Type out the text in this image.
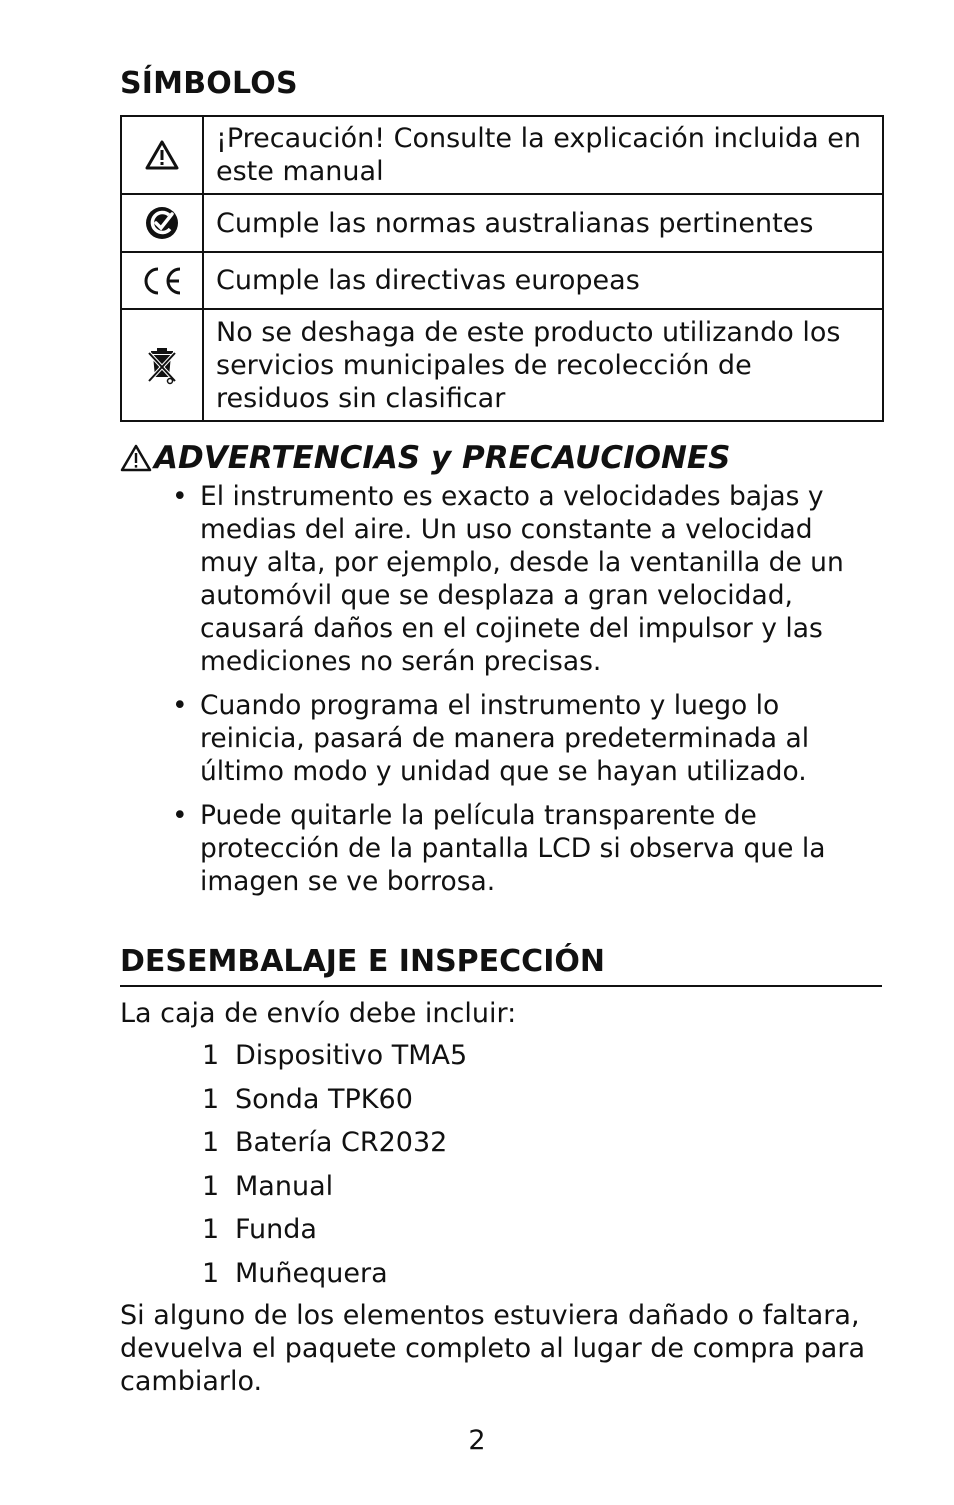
SÍMBOLOS
	¡Precaución! Consulte la explicación incluida en este manual

	Cumple las normas australianas pertinentes

	Cumple las directivas europeas

	No se deshaga de este producto utilizando los servicios municipales de recolección de residuos sin clasificar
ADVERTENCIAS y PRECAUCIONES
• El instrumento es exacto a velocidades bajas y medias del aire. Un uso constante a velocidad muy alta, por ejemplo, desde la ventanilla de un automóvil que se desplaza a gran velocidad, causará daños en el cojinete del impulsor y las mediciones no serán precisas.
• Cuando programa el instrumento y luego lo reinicia, pasará de manera predeterminada al último modo y unidad que se hayan utilizado.
• Puede quitarle la película transparente de protección de la pantalla LCD si observa que la imagen se ve borrosa.
DESEMBALAJE E INSPECCIÓN

La caja de envío debe incluir:

1 Dispositivo TMA5
1 Sonda TPK60
1 Batería CR2032
1 Manual
1 Funda
1 Muñequera

Si alguno de los elementos estuviera dañado o faltara, devuelva el paquete completo al lugar de compra para cambiarlo.

2
